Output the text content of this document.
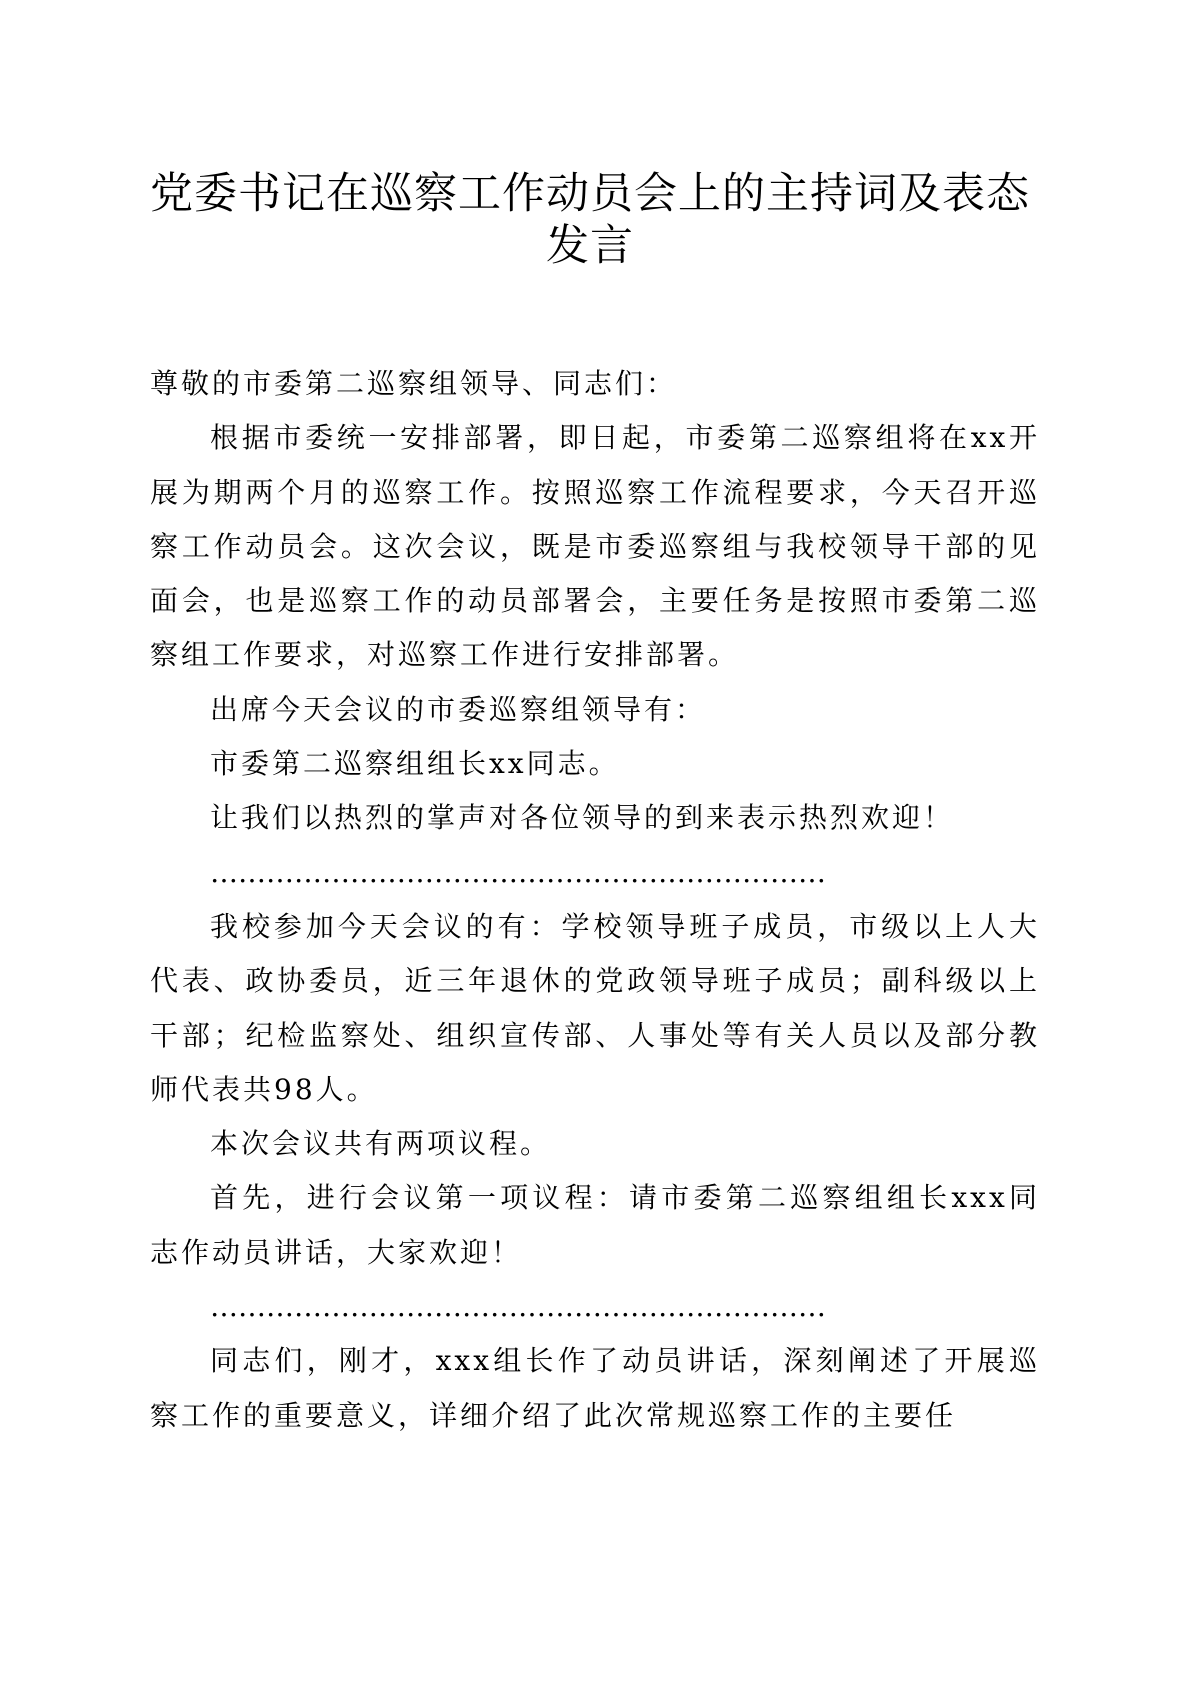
党委书记在巡察工作动员会上的主持词及表态发言

尊敬的市委第二巡察组领导、同志们：

根据市委统一安排部署，即日起，市委第二巡察组将在xx开展为期两个月的巡察工作。按照巡察工作流程要求，今天召开巡察工作动员会。这次会议，既是市委巡察组与我校领导干部的见面会，也是巡察工作的动员部署会，主要任务是按照市委第二巡察组工作要求，对巡察工作进行安排部署。

出席今天会议的市委巡察组领导有：

市委第二巡察组组长xx同志。

让我们以热烈的掌声对各位领导的到来表示热烈欢迎！

…………………………………………………………

我校参加今天会议的有：学校领导班子成员，市级以上人大代表、政协委员，近三年退休的党政领导班子成员；副科级以上干部；纪检监察处、组织宣传部、人事处等有关人员以及部分教师代表共98人。

本次会议共有两项议程。

首先，进行会议第一项议程：请市委第二巡察组组长xxx同志作动员讲话，大家欢迎！

…………………………………………………………

同志们，刚才，xxx组长作了动员讲话，深刻阐述了开展巡察工作的重要意义，详细介绍了此次常规巡察工作的主要任
